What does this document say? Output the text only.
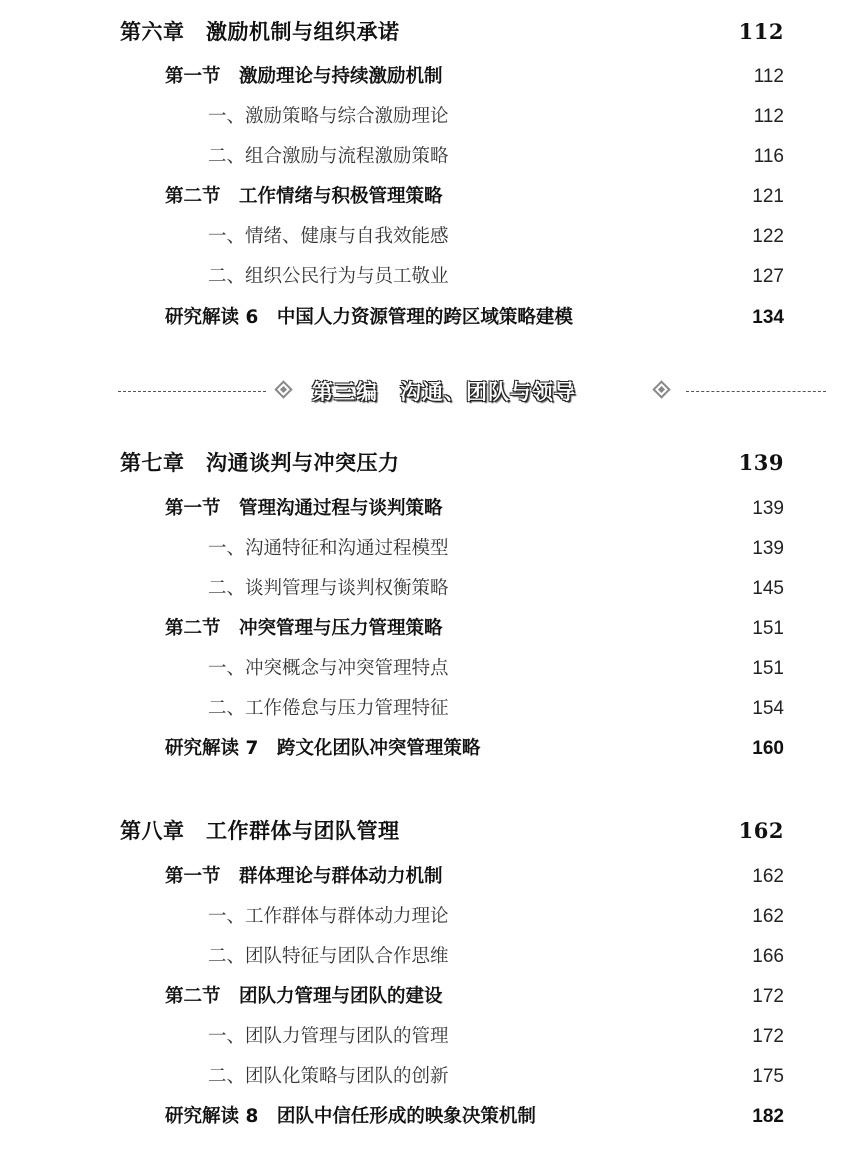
第六章　激励机制与组织承诺	112
第一节　激励理论与持续激励机制	112
一、激励策略与综合激励理论	112
二、组合激励与流程激励策略	116
第二节　工作情绪与积极管理策略	121
一、情绪、健康与自我效能感	122
二、组织公民行为与员工敬业	127
研究解读 6　中国人力资源管理的跨区域策略建模	134
第三编　沟通、团队与领导
第七章　沟通谈判与冲突压力	139
第一节　管理沟通过程与谈判策略	139
一、沟通特征和沟通过程模型	139
二、谈判管理与谈判权衡策略	145
第二节　冲突管理与压力管理策略	151
一、冲突概念与冲突管理特点	151
二、工作倦怠与压力管理特征	154
研究解读 7　跨文化团队冲突管理策略	160
第八章　工作群体与团队管理	162
第一节　群体理论与群体动力机制	162
一、工作群体与群体动力理论	162
二、团队特征与团队合作思维	166
第二节　团队力管理与团队的建设	172
一、团队力管理与团队的管理	172
二、团队化策略与团队的创新	175
研究解读 8　团队中信任形成的映象决策机制	182
